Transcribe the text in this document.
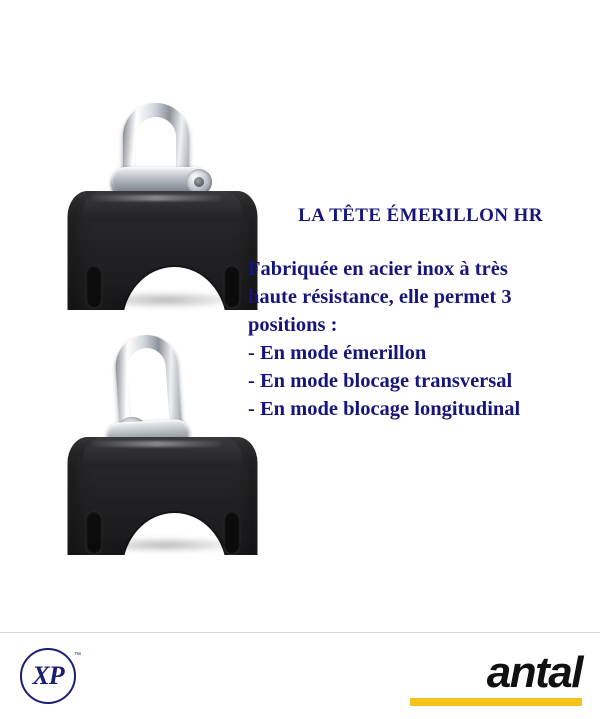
LA TÊTE ÉMERILLON HR
Fabriquée en acier inox à très
haute résistance, elle permet 3
positions :
- En mode émerillon
- En mode blocage transversal
- En mode blocage longitudinal
XP
™	antal
